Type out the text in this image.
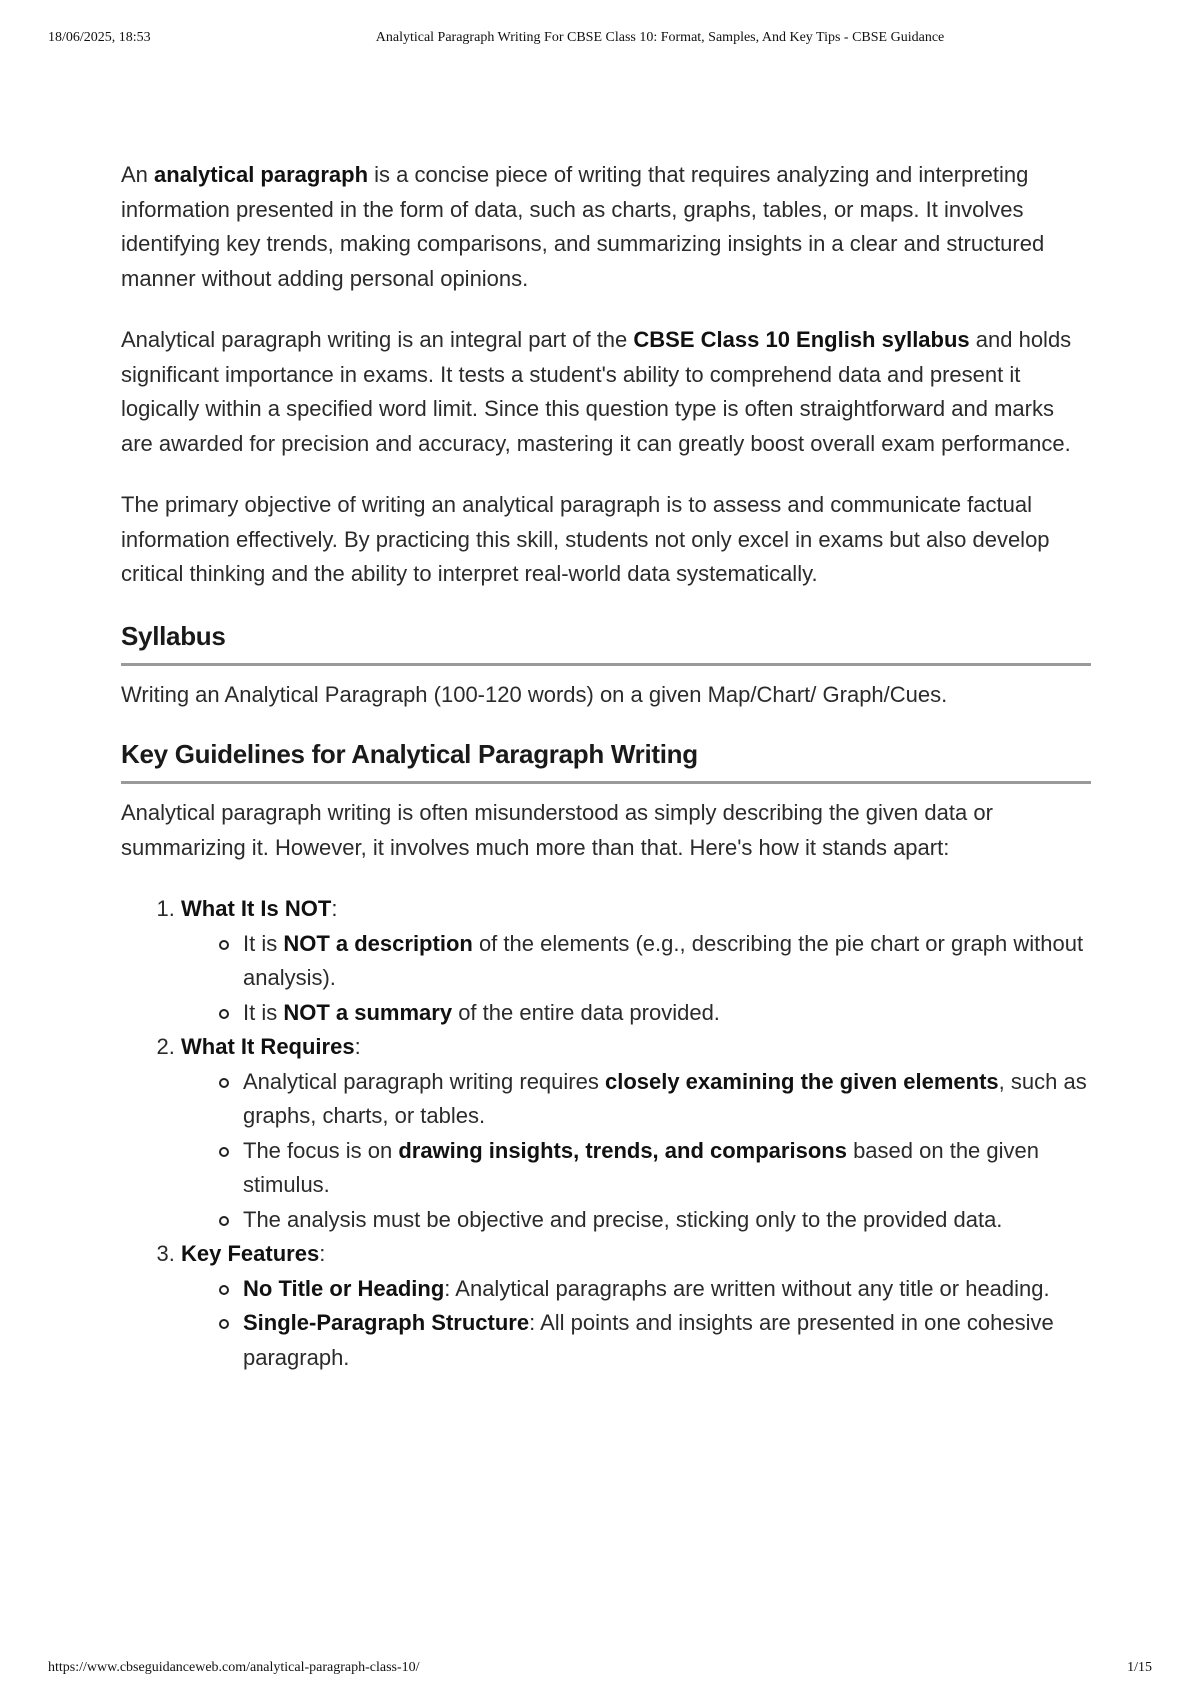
18/06/2025, 18:53	Analytical Paragraph Writing For CBSE Class 10: Format, Samples, And Key Tips - CBSE Guidance

An analytical paragraph is a concise piece of writing that requires analyzing and interpreting information presented in the form of data, such as charts, graphs, tables, or maps. It involves identifying key trends, making comparisons, and summarizing insights in a clear and structured manner without adding personal opinions.

Analytical paragraph writing is an integral part of the CBSE Class 10 English syllabus and holds significant importance in exams. It tests a student's ability to comprehend data and present it logically within a specified word limit. Since this question type is often straightforward and marks are awarded for precision and accuracy, mastering it can greatly boost overall exam performance.

The primary objective of writing an analytical paragraph is to assess and communicate factual information effectively. By practicing this skill, students not only excel in exams but also develop critical thinking and the ability to interpret real-world data systematically.

Syllabus

Writing an Analytical Paragraph (100-120 words) on a given Map/Chart/ Graph/Cues.

Key Guidelines for Analytical Paragraph Writing

Analytical paragraph writing is often misunderstood as simply describing the given data or summarizing it. However, it involves much more than that. Here's how it stands apart:

1. What It Is NOT:
It is NOT a description of the elements (e.g., describing the pie chart or graph without analysis).
It is NOT a summary of the entire data provided.
2. What It Requires:
Analytical paragraph writing requires closely examining the given elements, such as graphs, charts, or tables.
The focus is on drawing insights, trends, and comparisons based on the given stimulus.
The analysis must be objective and precise, sticking only to the provided data.
3. Key Features:
No Title or Heading: Analytical paragraphs are written without any title or heading.
Single-Paragraph Structure: All points and insights are presented in one cohesive paragraph.
https://www.cbseguidanceweb.com/analytical-paragraph-class-10/	1/15
